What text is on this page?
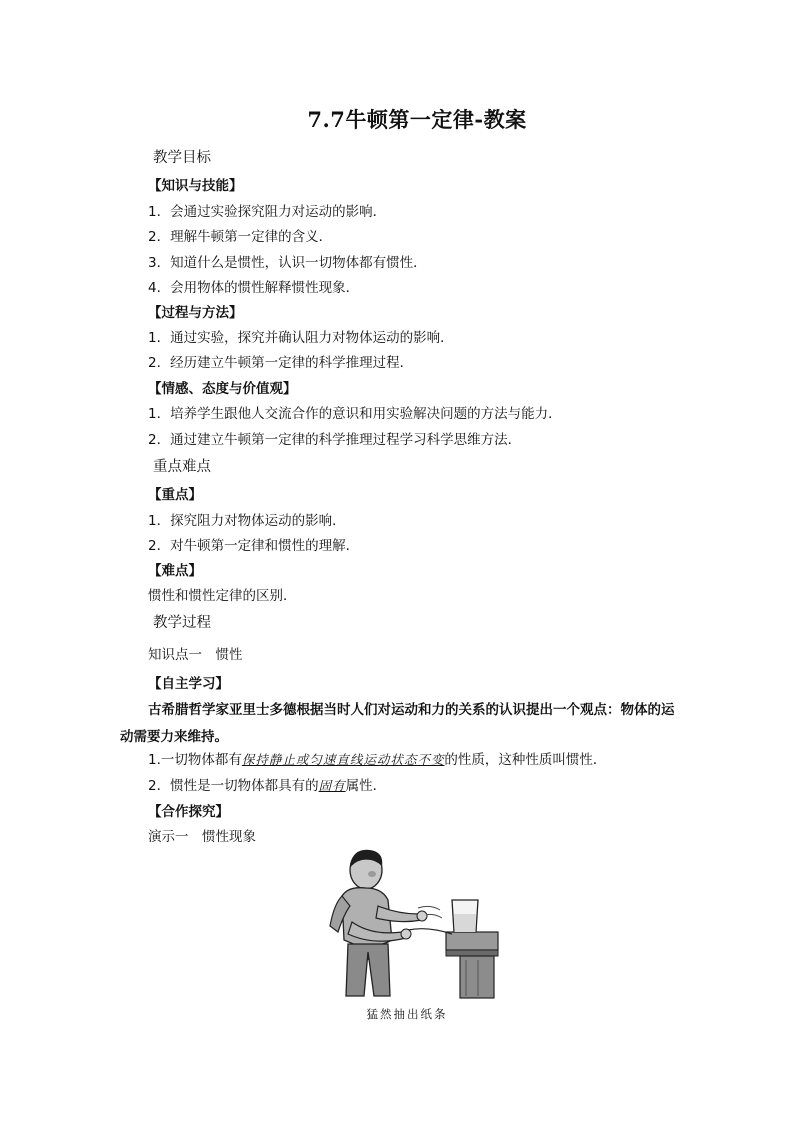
7.7牛顿第一定律-教案
教学目标
【知识与技能】
1．会通过实验探究阻力对运动的影响．
2．理解牛顿第一定律的含义．
3．知道什么是惯性，认识一切物体都有惯性．
4．会用物体的惯性解释惯性现象．
【过程与方法】
1．通过实验，探究并确认阻力对物体运动的影响．
2．经历建立牛顿第一定律的科学推理过程．
【情感、态度与价值观】
1．培养学生跟他人交流合作的意识和用实验解决问题的方法与能力．
2．通过建立牛顿第一定律的科学推理过程学习科学思维方法．
重点难点
【重点】
1．探究阻力对物体运动的影响．
2．对牛顿第一定律和惯性的理解．
【难点】
惯性和惯性定律的区别．
教学过程
知识点一　惯性
【自主学习】
古希腊哲学家亚里士多德根据当时人们对运动和力的关系的认识提出一个观点：物体的运动需要力来维持。
1.一切物体都有保持静止或匀速直线运动状态不变的性质，这种性质叫惯性．
2．惯性是一切物体都具有的固有属性．
【合作探究】
演示一　惯性现象
猛然抽出纸条
